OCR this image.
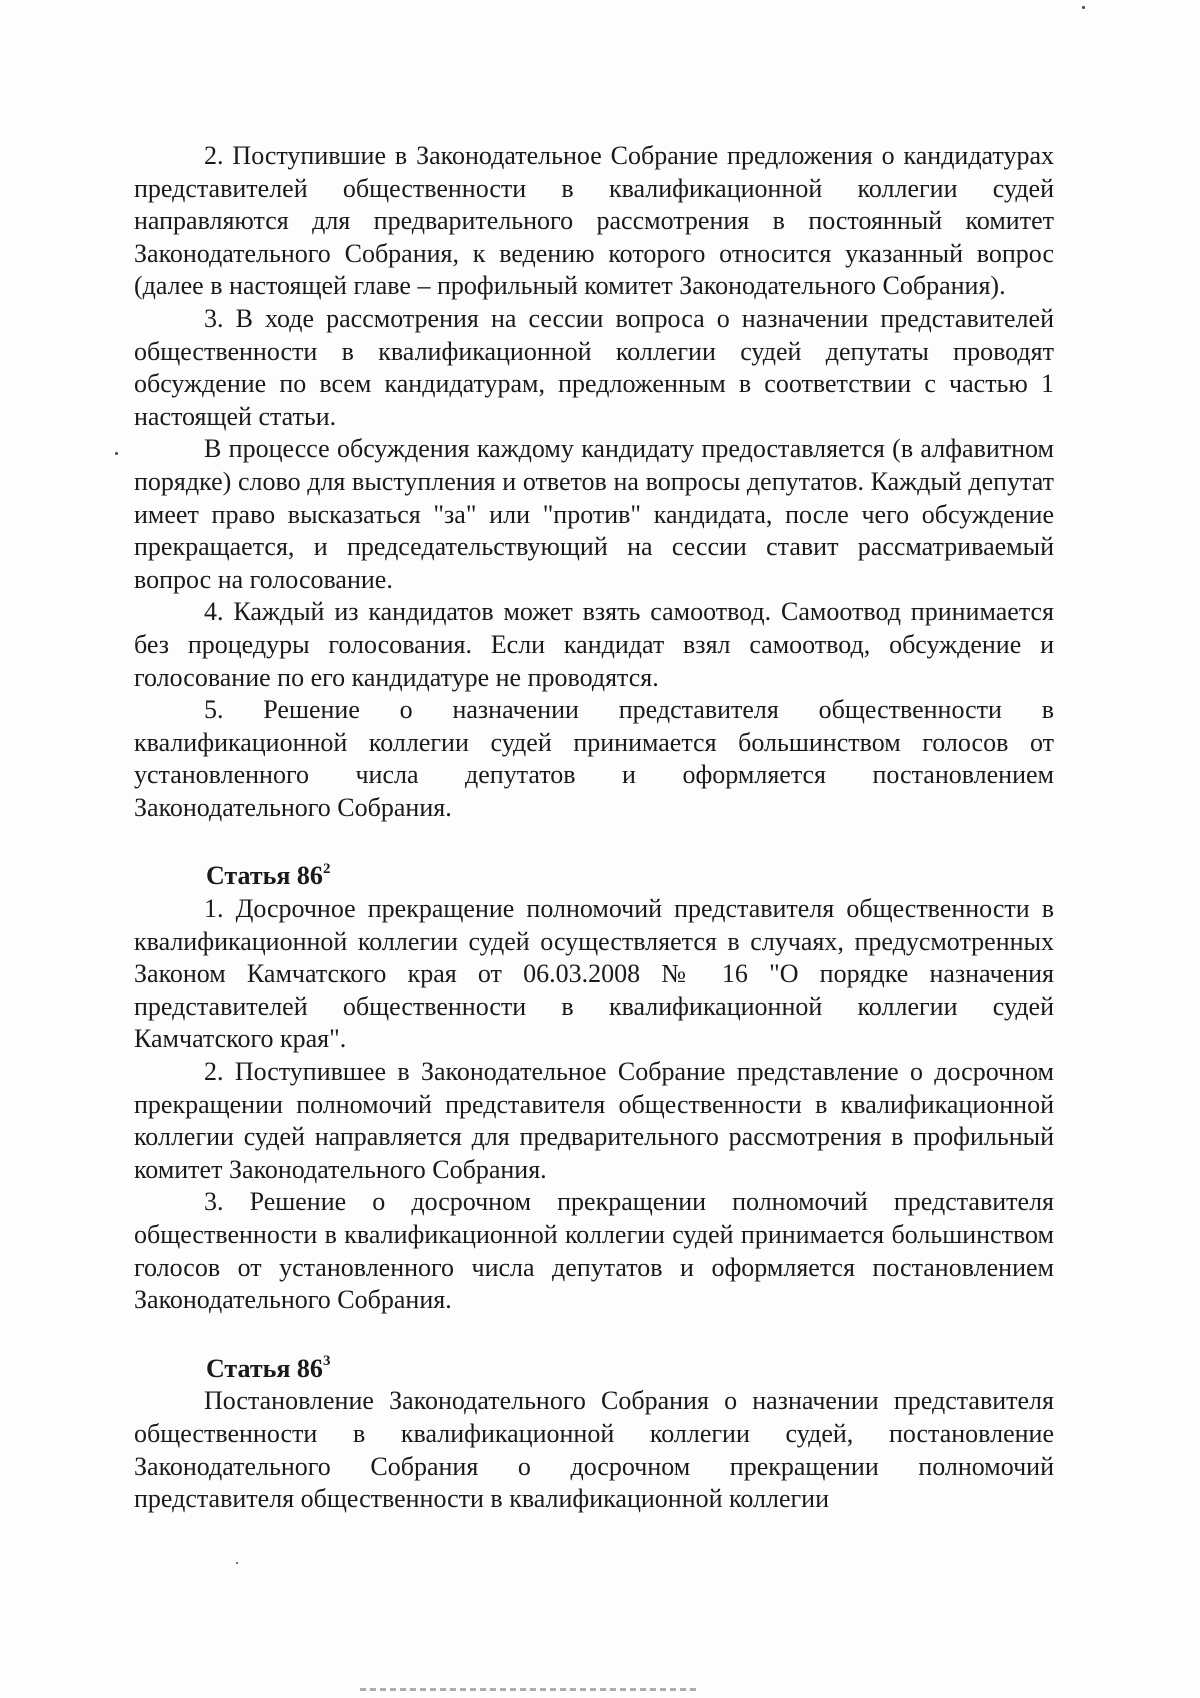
2. Поступившие в Законодательное Собрание предложения о кандидатурах представителей общественности в квалификационной коллегии судей направляются для предварительного рассмотрения в постоянный комитет Законодательного Собрания, к ведению которого относится указанный вопрос (далее в настоящей главе – профильный комитет Законодательного Собрания).

3. В ходе рассмотрения на сессии вопроса о назначении представителей общественности в квалификационной коллегии судей депутаты проводят обсуждение по всем кандидатурам, предложенным в соответствии с частью 1 настоящей статьи.

В процессе обсуждения каждому кандидату предоставляется (в алфавитном порядке) слово для выступления и ответов на вопросы депутатов. Каждый депутат имеет право высказаться "за" или "против" кандидата, после чего обсуждение прекращается, и председательствующий на сессии ставит рассматриваемый вопрос на голосование.

4. Каждый из кандидатов может взять самоотвод. Самоотвод принимается без процедуры голосования. Если кандидат взял самоотвод, обсуждение и голосование по его кандидатуре не проводятся.

5. Решение о назначении представителя общественности в квалификационной коллегии судей принимается большинством голосов от установленного числа депутатов и оформляется постановлением Законодательного Собрания.

Статья $86^2$

1. Досрочное прекращение полномочий представителя общественности в квалификационной коллегии судей осуществляется в случаях, предусмотренных Законом Камчатского края от 06.03.2008 № 16 "О порядке назначения представителей общественности в квалификационной коллегии судей Камчатского края".

2. Поступившее в Законодательное Собрание представление о досрочном прекращении полномочий представителя общественности в квалификационной коллегии судей направляется для предварительного рассмотрения в профильный комитет Законодательного Собрания.

3. Решение о досрочном прекращении полномочий представителя общественности в квалификационной коллегии судей принимается большинством голосов от установленного числа депутатов и оформляется постановлением Законодательного Собрания.

Статья $86^3$

Постановление Законодательного Собрания о назначении представителя общественности в квалификационной коллегии судей, постановление Законодательного Собрания о досрочном прекращении полномочий представителя общественности в квалификационной коллегии
